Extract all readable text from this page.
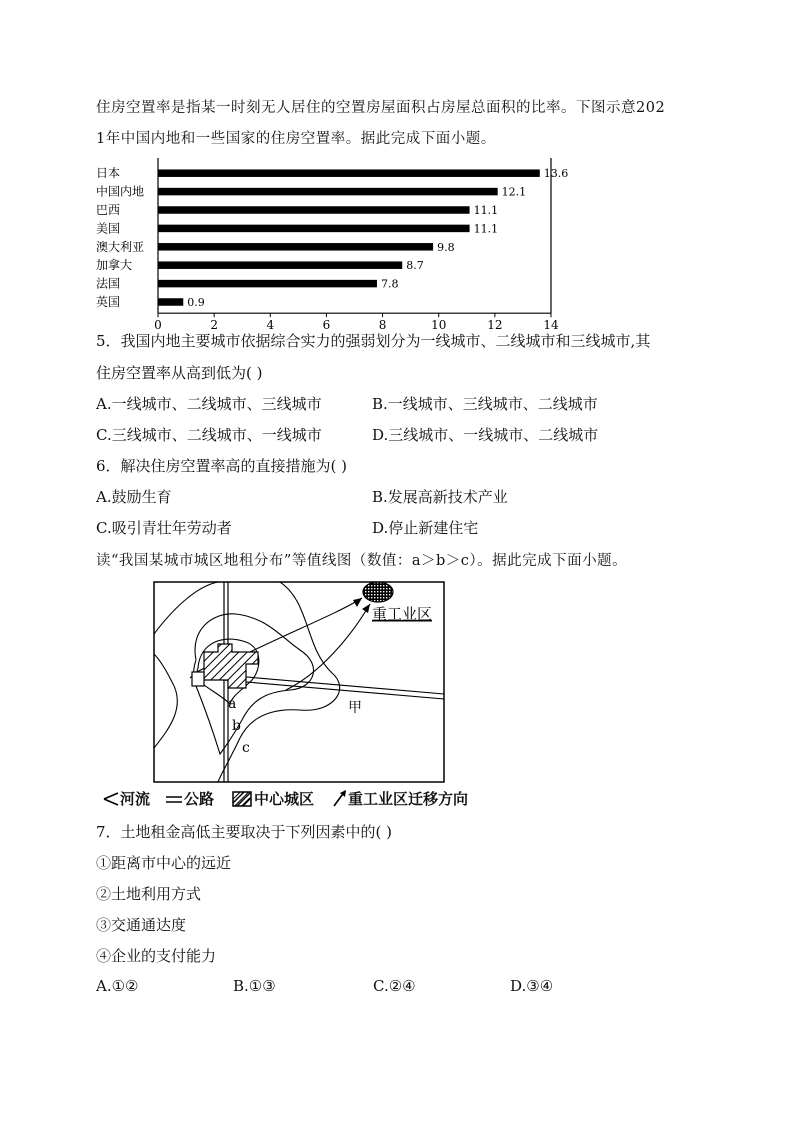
住房空置率是指某一时刻无人居住的空置房屋面积占房屋总面积的比率。下图示意202
1年中国内地和一些国家的住房空置率。据此完成下面小题。
日本
中国内地
巴西
美国
澳大利亚
加拿大
法国
英国
13.6
12.1
11.1
11.1
9.8
8.7
7.8
0.9
0	2	4	6	8	10	12	14
5．我国内地主要城市依据综合实力的强弱划分为一线城市、二线城市和三线城市,其
住房空置率从高到低为( )
A.一线城市、二线城市、三线城市	B.一线城市、三线城市、二线城市
C.三线城市、二线城市、一线城市	D.三线城市、一线城市、二线城市
6．解决住房空置率高的直接措施为( )
A.鼓励生育	B.发展高新技术产业
C.吸引青壮年劳动者	D.停止新建住宅
读“我国某城市城区地租分布”等值线图（数值：a＞b＞c）。据此完成下面小题。
重工业区
甲
a
b
c
河流 公路	中心城区 重工业区迁移方向
7．土地租金高低主要取决于下列因素中的( )
①距离市中心的远近
②土地利用方式
③交通通达度
④企业的支付能力
A.①②	B.①③	C.②④	D.③④
